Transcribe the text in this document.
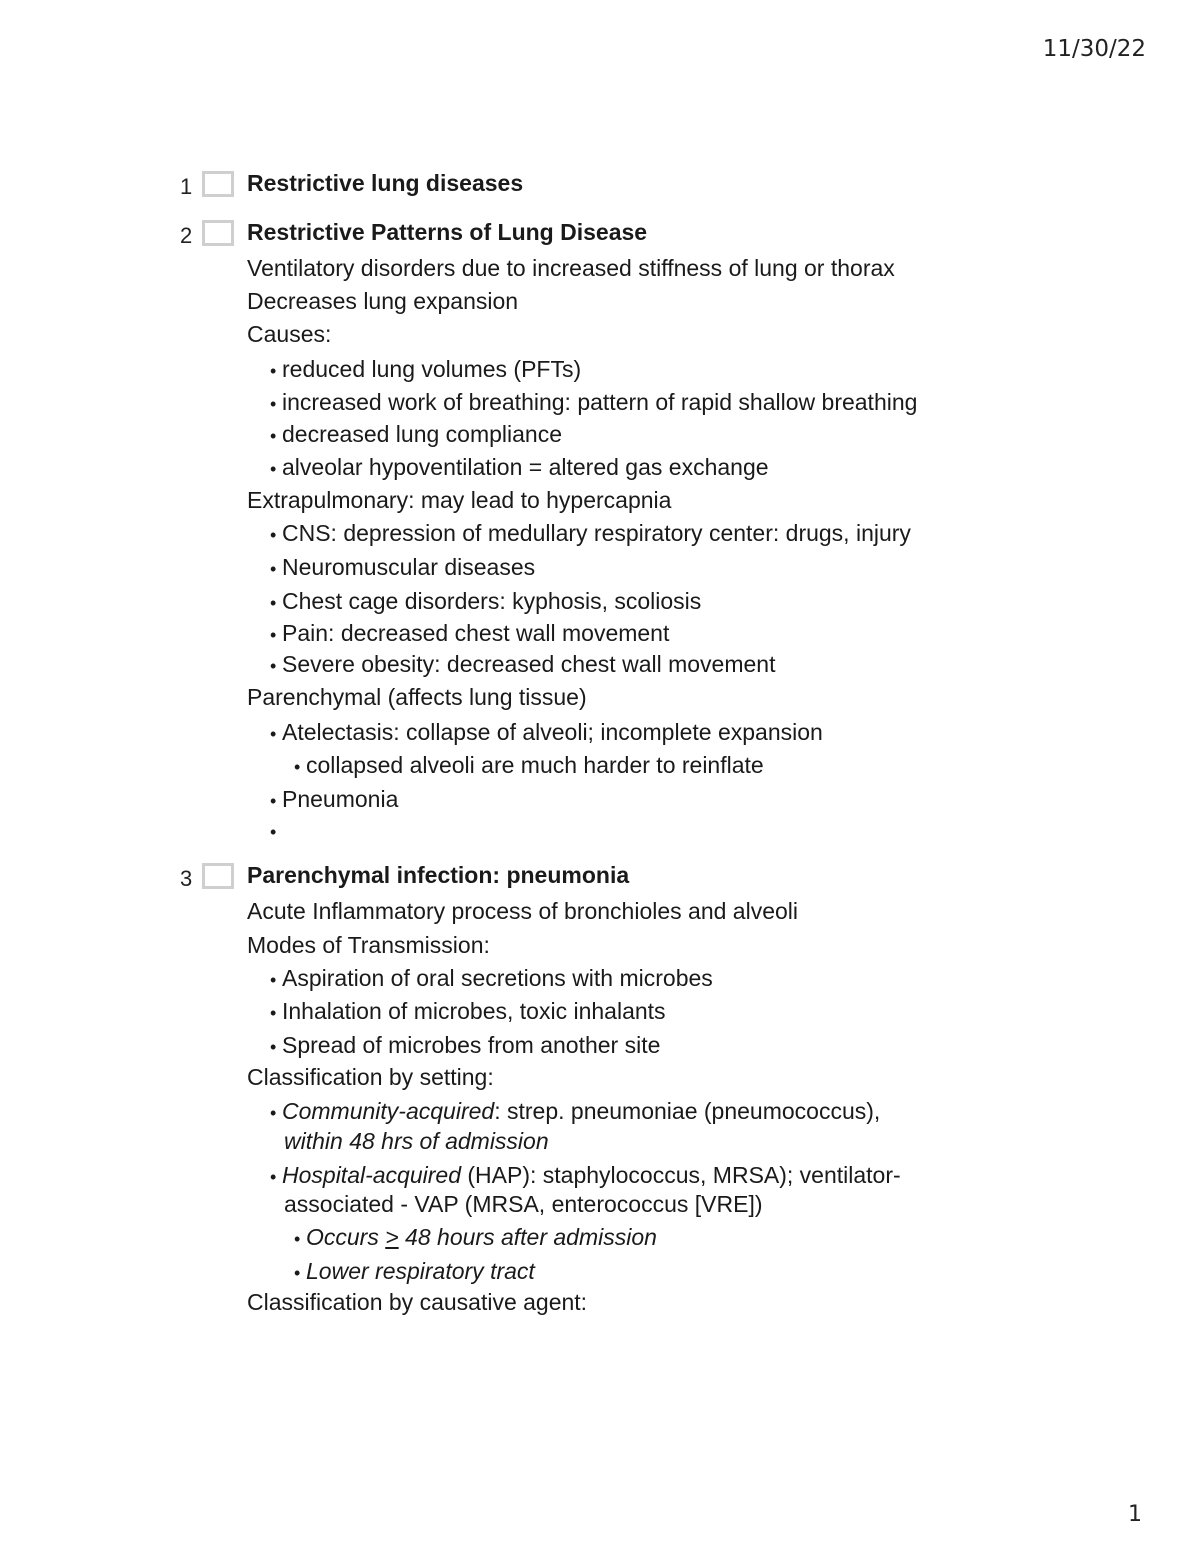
11/30/22
1	Restrictive lung diseases
2	Restrictive Patterns of Lung Disease
Ventilatory disorders due to increased stiffness of lung or thorax
Decreases lung expansion
Causes:
• reduced lung volumes (PFTs)
• increased work of breathing: pattern of rapid shallow breathing
• decreased lung compliance
• alveolar hypoventilation = altered gas exchange
Extrapulmonary: may lead to hypercapnia
• CNS: depression of medullary respiratory center: drugs, injury
• Neuromuscular diseases
• Chest cage disorders: kyphosis, scoliosis
• Pain: decreased chest wall movement
• Severe obesity: decreased chest wall movement
Parenchymal (affects lung tissue)
• Atelectasis: collapse of alveoli; incomplete expansion
• collapsed alveoli are much harder to reinflate
• Pneumonia
•
3	Parenchymal infection: pneumonia
Acute Inflammatory process of bronchioles and alveoli
Modes of Transmission:
• Aspiration of oral secretions with microbes
• Inhalation of microbes, toxic inhalants
• Spread of microbes from another site
Classification by setting:
• Community-acquired: strep. pneumoniae (pneumococcus),
within 48 hrs of admission
• Hospital-acquired (HAP): staphylococcus, MRSA); ventilator-
associated - VAP (MRSA, enterococcus [VRE])
• Occurs > 48 hours after admission
• Lower respiratory tract
Classification by causative agent:
1
